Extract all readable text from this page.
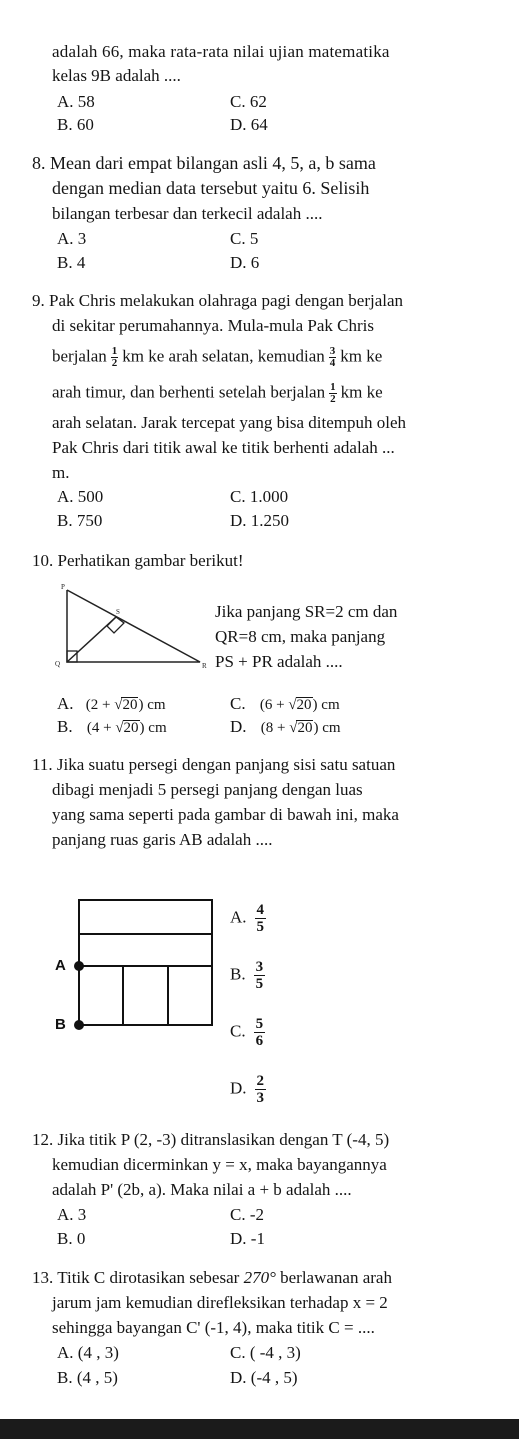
adalah 66, maka rata-rata nilai ujian matematika
kelas 9B adalah ....
A. 58	C. 62
B. 60	D. 64
8. Mean dari empat bilangan asli 4, 5, a, b sama
dengan median data tersebut yaitu 6. Selisih
bilangan terbesar dan terkecil adalah ....
A. 3	C. 5
B. 4	D. 6
9. Pak Chris melakukan olahraga pagi dengan berjalan
di sekitar perumahannya. Mula-mula Pak Chris
berjalan $\frac{1}{2}$ km ke arah selatan, kemudian $\frac{3}{4}$ km ke
arah timur, dan berhenti setelah berjalan $\frac{1}{2}$ km ke
arah selatan. Jarak tercepat yang bisa ditempuh oleh
Pak Chris dari titik awal ke titik berhenti adalah ...
m.
A. 500	C. 1.000
B. 750	D. 1.250
10. Perhatikan gambar berikut!
P
S
Q	R
Jika panjang SR=2 cm dan
QR=8 cm, maka panjang
PS + PR adalah ....
A. (2 + √20) cm	C. (6 + √20) cm
B. (4 + √20) cm	D. (8 + √20) cm
11. Jika suatu persegi dengan panjang sisi satu satuan
dibagi menjadi 5 persegi panjang dengan luas
yang sama seperti pada gambar di bawah ini, maka
panjang ruas garis AB adalah ....
A
B
A. $\frac{4}{5}$
B. $\frac{3}{5}$
C. $\frac{5}{6}$
D. $\frac{2}{3}$
12. Jika titik P (2, -3) ditranslasikan dengan T (-4, 5)
kemudian dicerminkan y = x, maka bayangannya
adalah P' (2b, a). Maka nilai a + b adalah ....
A. 3	C. -2
B. 0	D. -1
13. Titik C dirotasikan sebesar 270° berlawanan arah
jarum jam kemudian direfleksikan terhadap x = 2
sehingga bayangan C' (-1, 4), maka titik C = ....
A. (4 , 3)	C. ( -4 , 3)
B. (4 , 5)	D. (-4 , 5)
